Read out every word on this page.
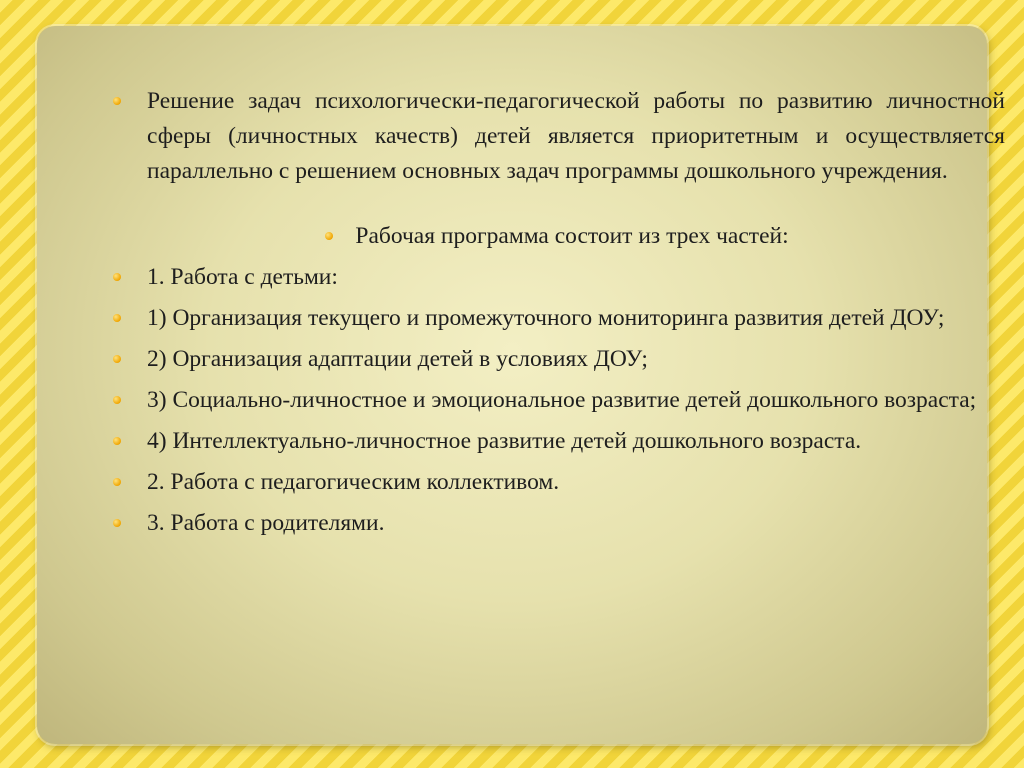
Решение задач психологически-педагогической работы по развитию личностной сферы (личностных качеств) детей является приоритетным и осуществляется параллельно с решением основных задач программы дошкольного учреждения.
Рабочая программа состоит из трех частей:
1. Работа с детьми:
1) Организация текущего и промежуточного мониторинга развития детей ДОУ;
2) Организация адаптации детей в условиях ДОУ;
3) Социально-личностное и эмоциональное развитие детей дошкольного возраста;
4) Интеллектуально-личностное развитие детей дошкольного возраста.
2. Работа с педагогическим коллективом.
3. Работа с родителями.
